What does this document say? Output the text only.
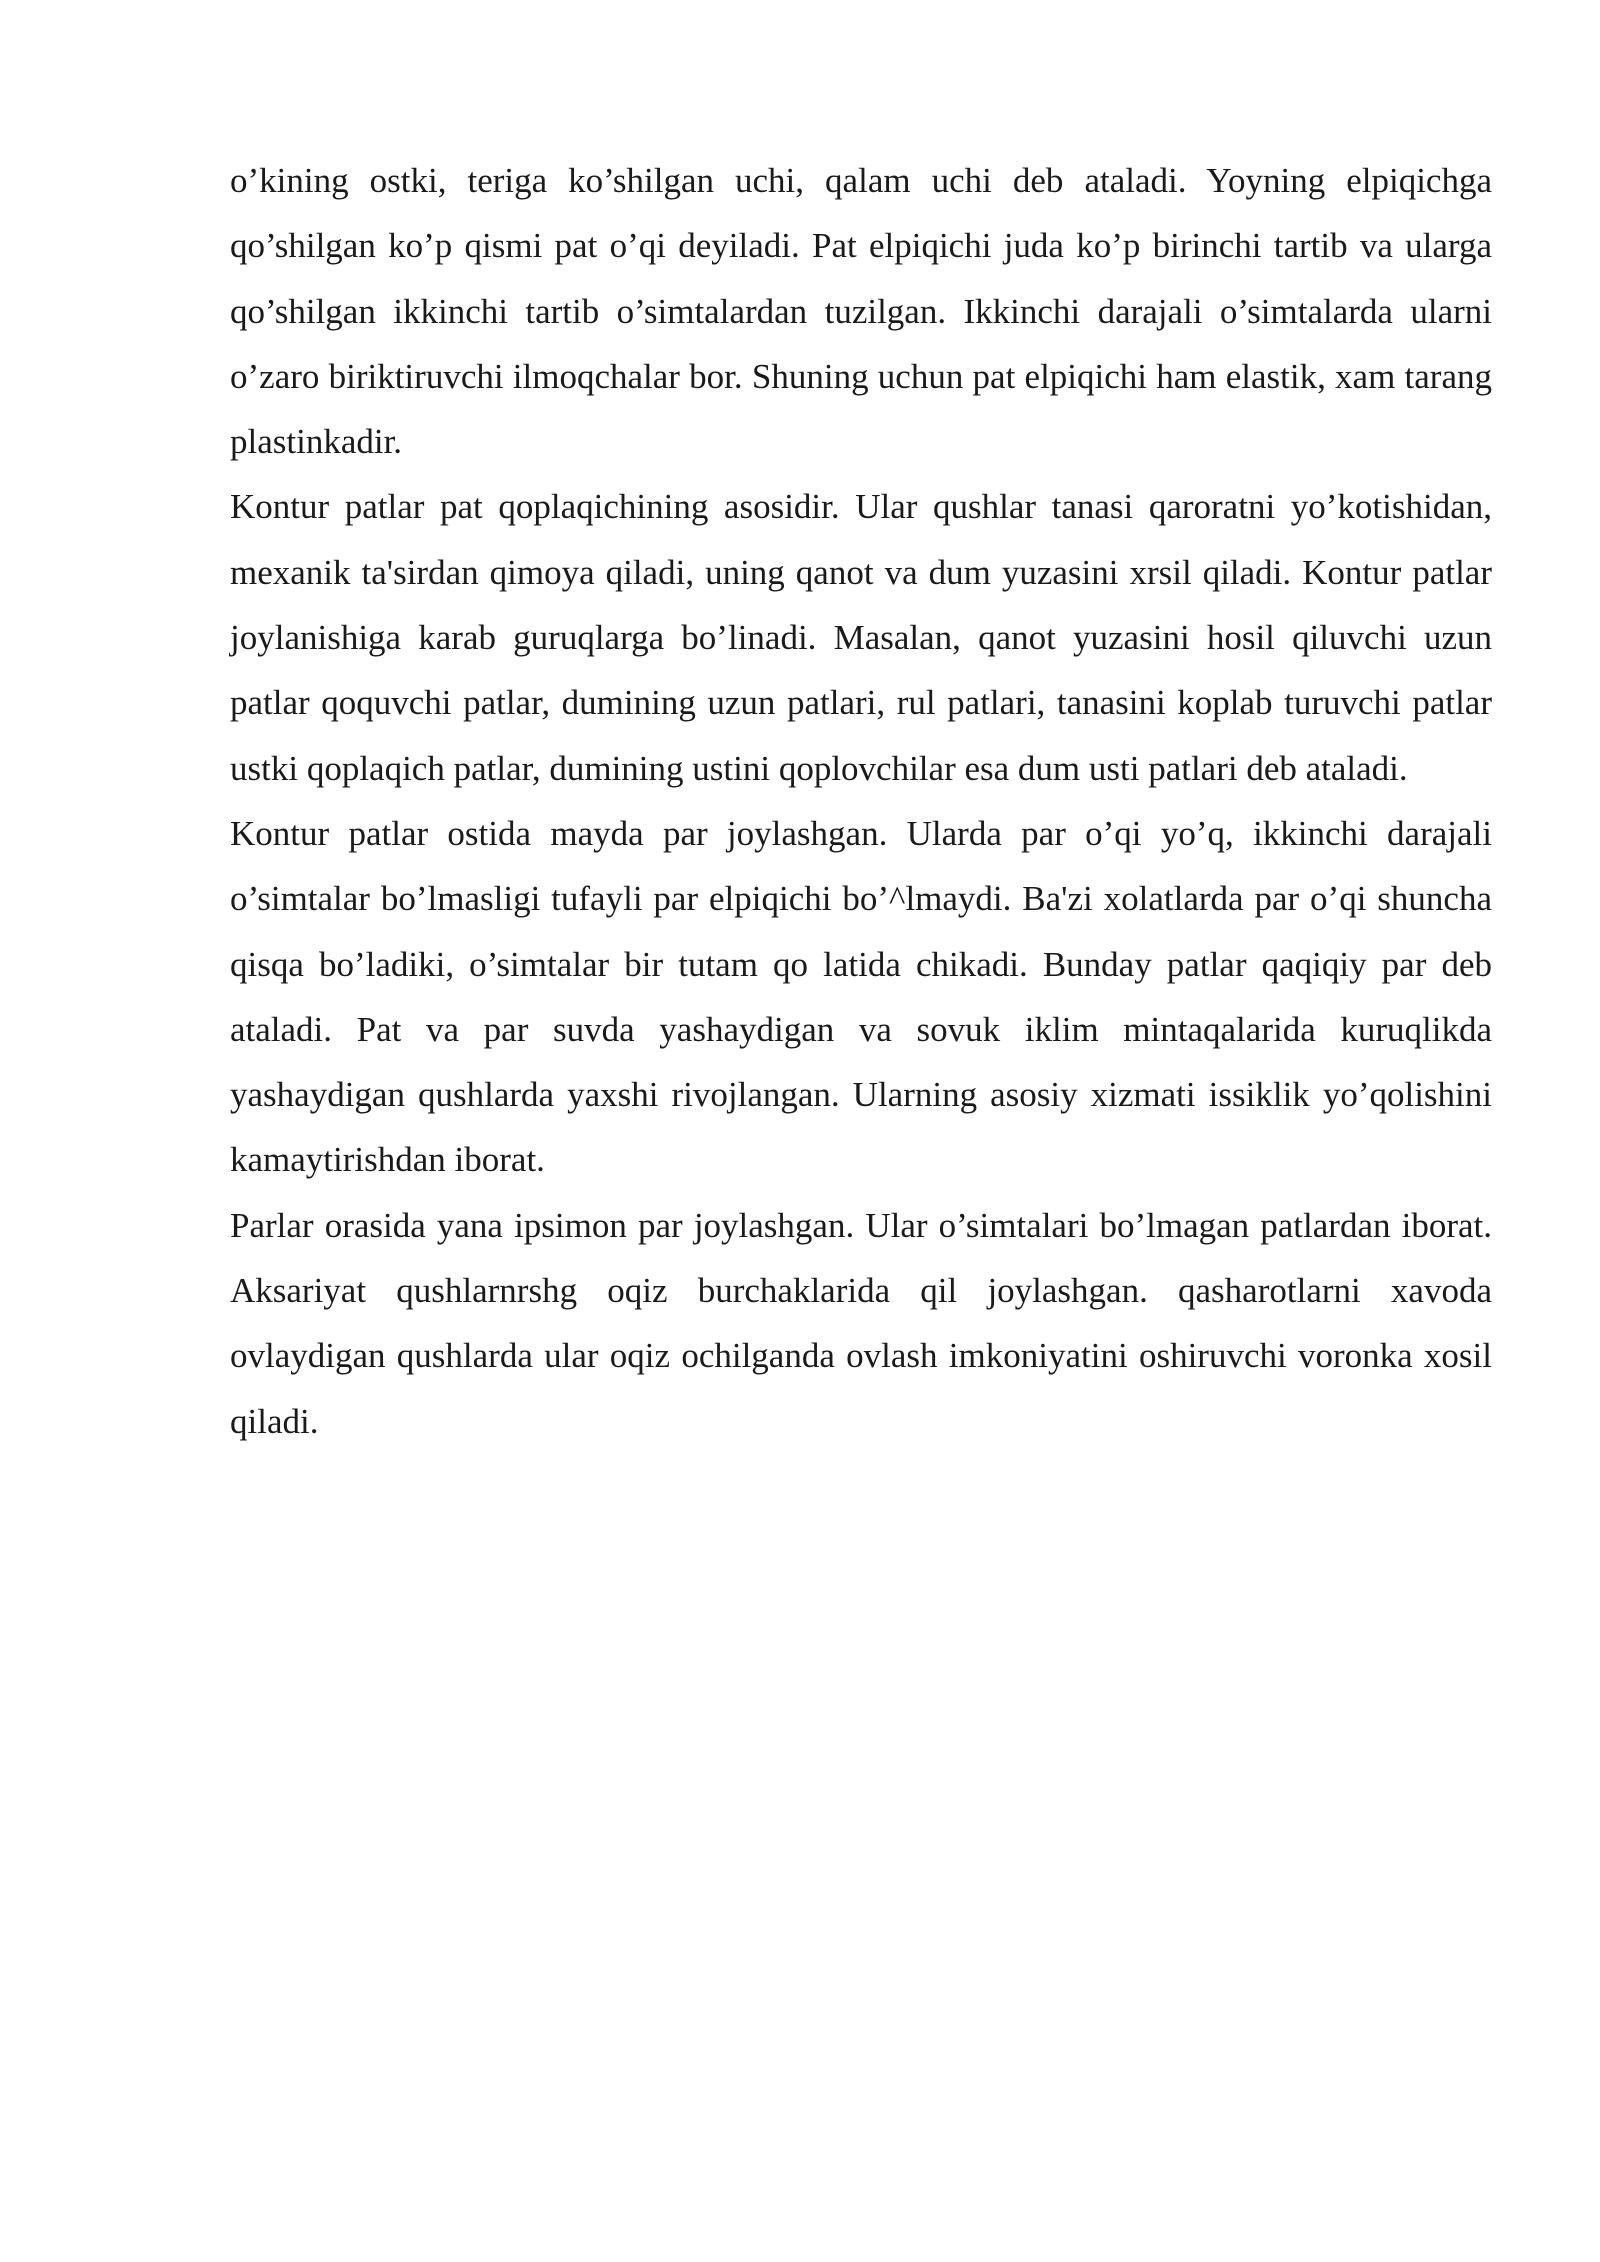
o’kining ostki, teriga ko’shilgan uchi, qalam uchi deb ataladi. Yoyning elpiqichga qo’shilgan ko’p qismi pat o’qi deyiladi. Pat elpiqichi juda ko’p birinchi tartib va ularga qo’shilgan ikkinchi tartib o’simtalardan tuzilgan. Ikkinchi darajali o’simtalarda ularni o’zaro biriktiruvchi ilmoqchalar bor. Shuning uchun pat elpiqichi ham elastik, xam tarang plastinkadir.

Kontur patlar pat qoplaqichining asosidir. Ular qushlar tanasi qaroratni yo’kotishidan, mexanik ta'sirdan qimoya qiladi, uning qanot va dum yuzasini xrsil qiladi. Kontur patlar joylanishiga karab guruqlarga bo’linadi. Masalan, qanot yuzasini hosil qiluvchi uzun patlar qoquvchi patlar, dumining uzun patlari, rul patlari, tanasini koplab turuvchi patlar ustki qoplaqich patlar, dumining ustini qoplovchilar esa dum usti patlari deb ataladi.

Kontur patlar ostida mayda par joylashgan. Ularda par o’qi yo’q, ikkinchi darajali o’simtalar bo’lmasligi tufayli par elpiqichi bo’^lmaydi. Ba'zi xolatlarda par o’qi shuncha qisqa bo’ladiki, o’simtalar bir tutam qo latida chikadi. Bunday patlar qaqiqiy par deb ataladi. Pat va par suvda yashaydigan va sovuk iklim mintaqalarida kuruqlikda yashaydigan qushlarda yaxshi rivojlangan. Ularning asosiy xizmati issiklik yo’qolishini kamaytirishdan iborat.

Parlar orasida yana ipsimon par joylashgan. Ular o’simtalari bo’lmagan patlardan iborat. Aksariyat qushlarnrshg oqiz burchaklarida qil joylashgan. qasharotlarni xavoda ovlaydigan qushlarda ular oqiz ochilganda ovlash imkoniyatini oshiruvchi voronka xosil qiladi.
